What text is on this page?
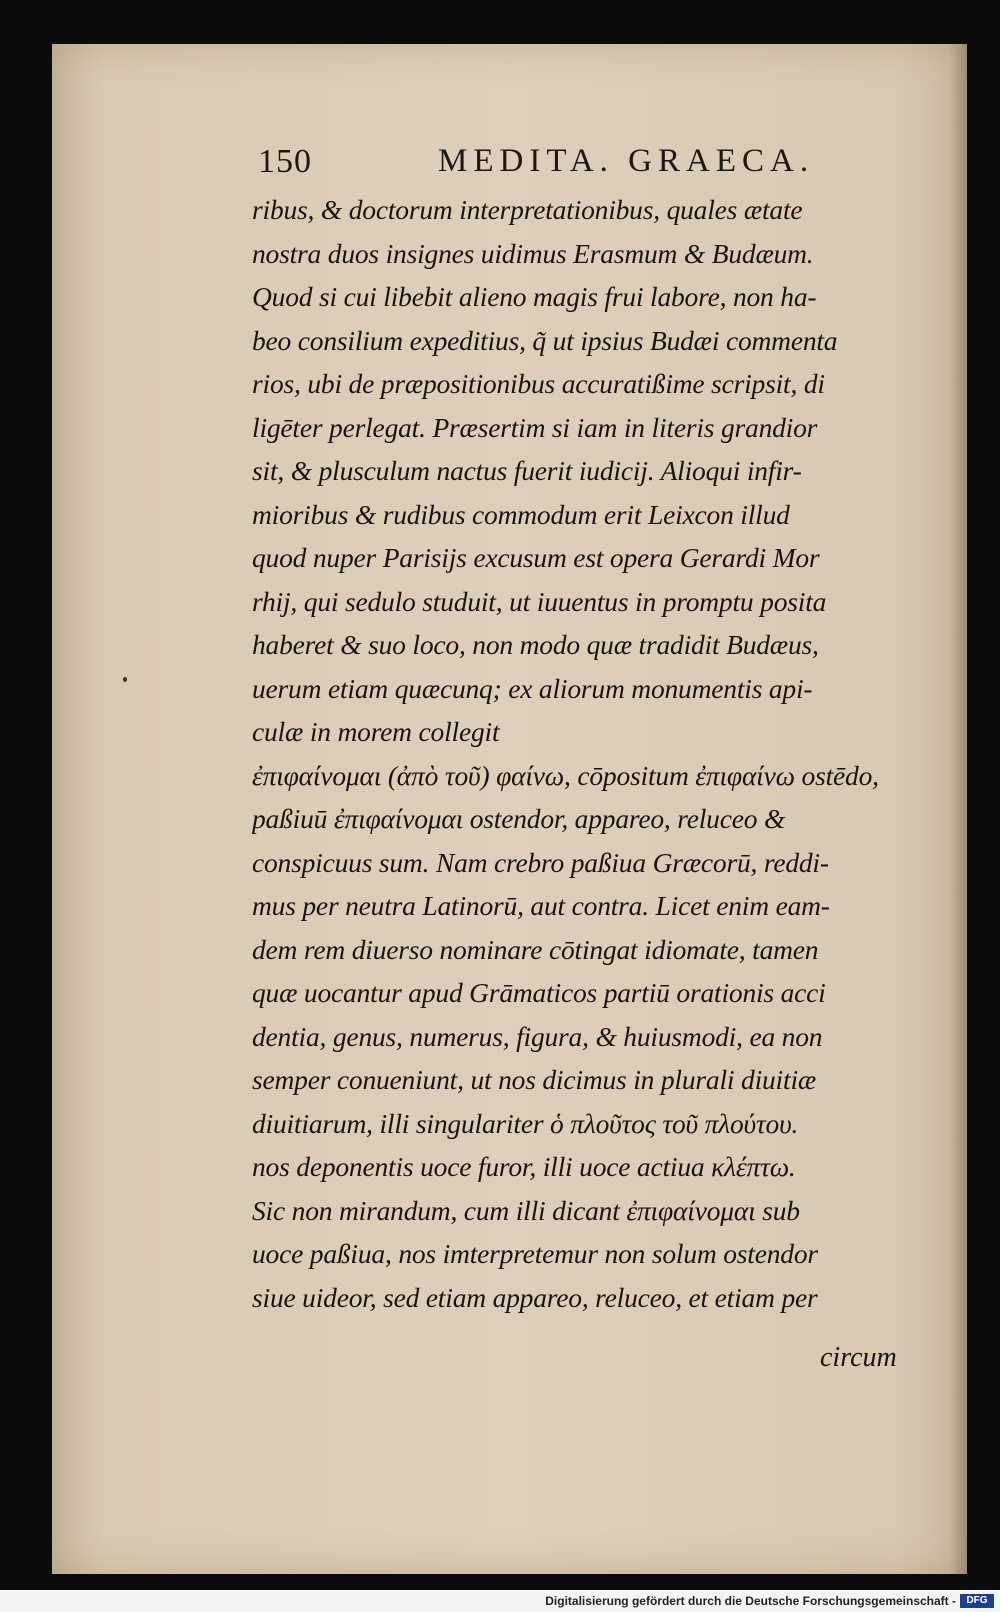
150	MEDITA. GRAECA.
ribus, & doctorum interpretationibus, quales ætate
nostra duos insignes uidimus Erasmum & Budæum.
Quod si cui libebit alieno magis frui labore, non ha-
beo consilium expeditius, q̃ ut ipsius Budæi commenta
rios, ubi de præpositionibus accuratißime scripsit, di
ligēter perlegat. Præsertim si iam in literis grandior
sit, & plusculum nactus fuerit iudicij. Alioqui infir-
mioribus & rudibus commodum erit Leixcon illud
quod nuper Parisijs excusum est opera Gerardi Mor
rhij, qui sedulo studuit, ut iuuentus in promptu posita
haberet & suo loco, non modo quæ tradidit Budæus,
uerum etiam quæcunq; ex aliorum monumentis api-
culæ in morem collegit
ἐπιφαίνομαι (ἀπὸ τοῦ) φαίνω, cōpositum ἐπιφαίνω ostēdo,
paßiuū ἐπιφαίνομαι ostendor, appareo, reluceo &
conspicuus sum. Nam crebro paßiua Græcorū, reddi-
mus per neutra Latinorū, aut contra. Licet enim eam-
dem rem diuerso nominare cōtingat idiomate, tamen
quæ uocantur apud Grāmaticos partiū orationis acci
dentia, genus, numerus, figura, & huiusmodi, ea non
semper conueniunt, ut nos dicimus in plurali diuitiæ
diuitiarum, illi singulariter ὁ πλοῦτος τοῦ πλούτου.
nos deponentis uoce furor, illi uoce actiua κλέπτω.
Sic non mirandum, cum illi dicant ἐπιφαίνομαι sub
uoce paßiua, nos imterpretemur non solum ostendor
siue uideor, sed etiam appareo, reluceo, et etiam per
circum
Digitalisierung gefördert durch die Deutsche Forschungsgemeinschaft -	DFG
